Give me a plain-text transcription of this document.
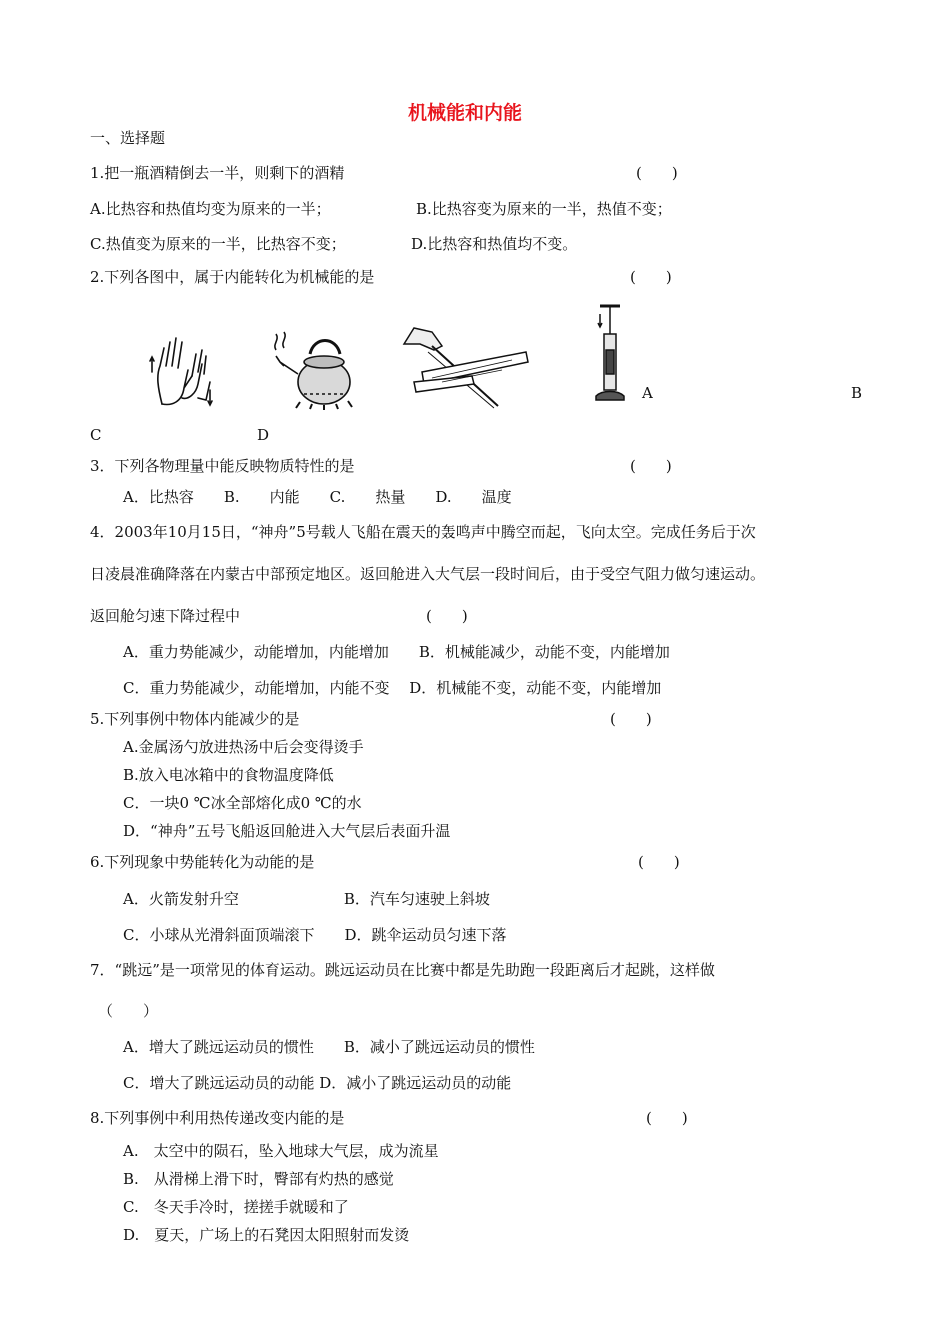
机械能和内能
一、选择题
1.把一瓶酒精倒去一半，则剩下的酒精	(　　)
A.比热容和热值均变为原来的一半；	B.比热容变为原来的一半，热值不变；
C.热值变为原来的一半，比热容不变；	D.比热容和热值均不变。
2.下列各图中，属于内能转化为机械能的是	(　　)
A	B
C	D
3．下列各物理量中能反映物质特性的是	(　　)
A．比热容　　B.　　内能　　C.　　热量　　D.　　温度
4．2003年10月15日，“神舟”5号载人飞船在震天的轰鸣声中腾空而起，飞向太空。完成任务后于次
日凌晨准确降落在内蒙古中部预定地区。返回舱进入大气层一段时间后，由于受空气阻力做匀速运动。
返回舱匀速下降过程中	(　　)
A．重力势能减少，动能增加，内能增加　　B．机械能减少，动能不变，内能增加
C．重力势能减少，动能增加，内能不变　 D．机械能不变，动能不变，内能增加
5.下列事例中物体内能减少的是	(　　)
A.金属汤勺放进热汤中后会变得烫手
B.放入电冰箱中的食物温度降低
C．一块0 ℃冰全部熔化成0 ℃的水
D．“神舟”五号飞船返回舱进入大气层后表面升温
6.下列现象中势能转化为动能的是	(　　)
A．火箭发射升空　　　　　　　B．汽车匀速驶上斜坡
C．小球从光滑斜面顶端滚下　　D．跳伞运动员匀速下落
7．“跳远”是一项常见的体育运动。跳远运动员在比赛中都是先助跑一段距离后才起跳，这样做
（　　）
A．增大了跳远运动员的惯性　　B．减小了跳远运动员的惯性
C．增大了跳远运动员的动能 D．减小了跳远运动员的动能
8.下列事例中利用热传递改变内能的是	(　　)
A.　太空中的陨石，坠入地球大气层，成为流星
B.　从滑梯上滑下时，臀部有灼热的感觉
C.　冬天手冷时，搓搓手就暖和了
D.　夏天，广场上的石凳因太阳照射而发烫
